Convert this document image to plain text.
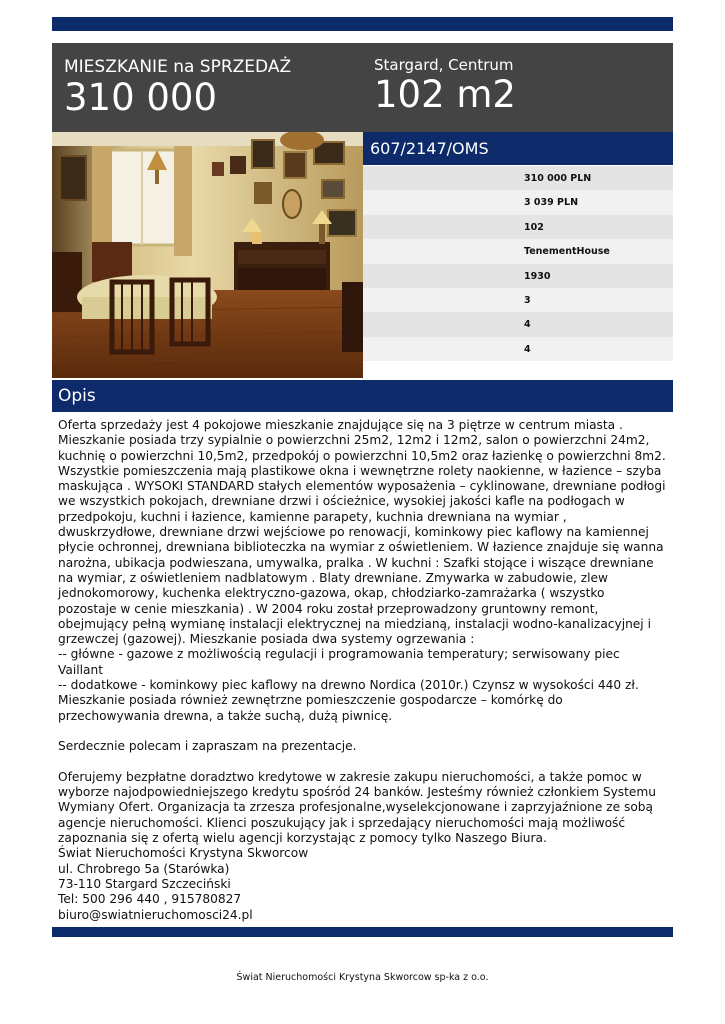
MIESZKANIE na SPRZEDAŻ
310 000
Stargard, Centrum
102 m2
607/2147/OMS
310 000 PLN
3 039 PLN
102
TenementHouse
1930
3
4
4
Opis
Oferta sprzedaży jest 4 pokojowe mieszkanie znajdujące się na 3 piętrze w centrum miasta .
Mieszkanie posiada trzy sypialnie o powierzchni 25m2, 12m2 i 12m2, salon o powierzchni 24m2,
kuchnię o powierzchni 10,5m2, przedpokój o powierzchni 10,5m2 oraz łazienkę o powierzchni 8m2.
Wszystkie pomieszczenia mają plastikowe okna i wewnętrzne rolety naokienne, w łazience – szyba
maskująca . WYSOKI STANDARD stałych elementów wyposażenia – cyklinowane, drewniane podłogi
we wszystkich pokojach, drewniane drzwi i ościeżnice, wysokiej jakości kafle na podłogach w
przedpokoju, kuchni i łazience, kamienne parapety, kuchnia drewniana na wymiar ,
dwuskrzydłowe, drewniane drzwi wejściowe po renowacji, kominkowy piec kaflowy na kamiennej
płycie ochronnej, drewniana biblioteczka na wymiar z oświetleniem. W łazience znajduje się wanna
narożna, ubikacja podwieszana, umywalka, pralka . W kuchni : Szafki stojące i wiszące drewniane
na wymiar, z oświetleniem nadblatowym . Blaty drewniane. Zmywarka w zabudowie, zlew
jednokomorowy, kuchenka elektryczno-gazowa, okap, chłodziarko-zamrażarka ( wszystko
pozostaje w cenie mieszkania) . W 2004 roku został przeprowadzony gruntowny remont,
obejmujący pełną wymianę instalacji elektrycznej na miedzianą, instalacji wodno-kanalizacyjnej i
grzewczej (gazowej). Mieszkanie posiada dwa systemy ogrzewania :
-- główne - gazowe z możliwością regulacji i programowania temperatury; serwisowany piec
Vaillant
-- dodatkowe - kominkowy piec kaflowy na drewno Nordica (2010r.) Czynsz w wysokości 440 zł.
Mieszkanie posiada również zewnętrzne pomieszczenie gospodarcze – komórkę do
przechowywania drewna, a także suchą, dużą piwnicę.

Serdecznie polecam i zapraszam na prezentacje.

Oferujemy bezpłatne doradztwo kredytowe w zakresie zakupu nieruchomości, a także pomoc w
wyborze najodpowiedniejszego kredytu spośród 24 banków. Jesteśmy również członkiem Systemu
Wymiany Ofert. Organizacja ta zrzesza profesjonalne,wyselekcjonowane i zaprzyjaźnione ze sobą
agencje nieruchomości. Klienci poszukujący jak i sprzedający nieruchomości mają możliwość
zapoznania się z ofertą wielu agencji korzystając z pomocy tylko Naszego Biura.
Świat Nieruchomości Krystyna Skworcow
ul. Chrobrego 5a (Starówka)
73-110 Stargard Szczeciński
Tel: 500 296 440 , 915780827
biuro@swiatnieruchomosci24.pl
Świat Nieruchomości Krystyna Skworcow sp-ka z o.o.
